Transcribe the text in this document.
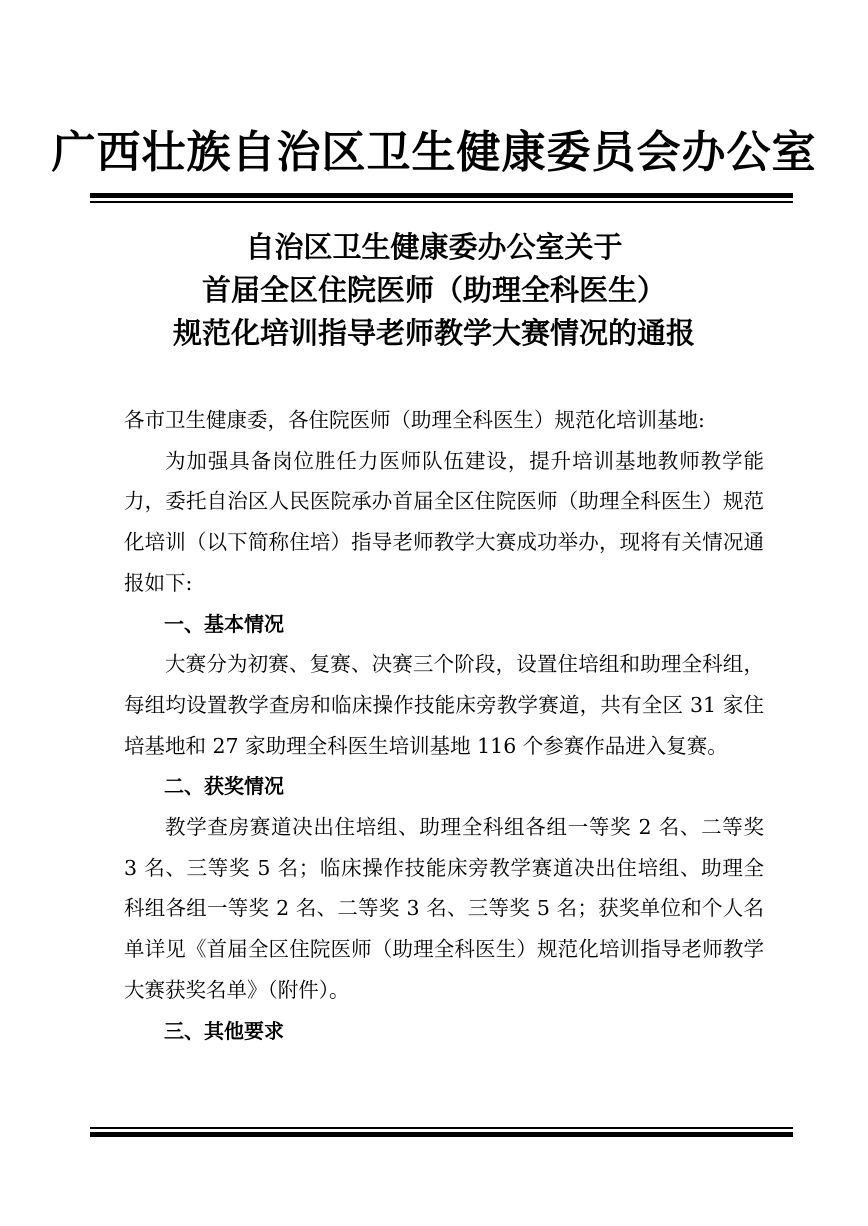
广西壮族自治区卫生健康委员会办公室
自治区卫生健康委办公室关于
首届全区住院医师（助理全科医生）
规范化培训指导老师教学大赛情况的通报

各市卫生健康委，各住院医师（助理全科医生）规范化培训基地:

为加强具备岗位胜任力医师队伍建设，提升培训基地教师教学能力，委托自治区人民医院承办首届全区住院医师（助理全科医生）规范化培训（以下简称住培）指导老师教学大赛成功举办，现将有关情况通报如下:

一、基本情况

大赛分为初赛、复赛、决赛三个阶段，设置住培组和助理全科组，每组均设置教学查房和临床操作技能床旁教学赛道，共有全区 31 家住培基地和 27 家助理全科医生培训基地 116 个参赛作品进入复赛。

二、获奖情况

教学查房赛道决出住培组、助理全科组各组一等奖 2 名、二等奖 3 名、三等奖 5 名；临床操作技能床旁教学赛道决出住培组、助理全科组各组一等奖 2 名、二等奖 3 名、三等奖 5 名；获奖单位和个人名单详见《首届全区住院医师（助理全科医生）规范化培训指导老师教学大赛获奖名单》（附件）。

三、其他要求
